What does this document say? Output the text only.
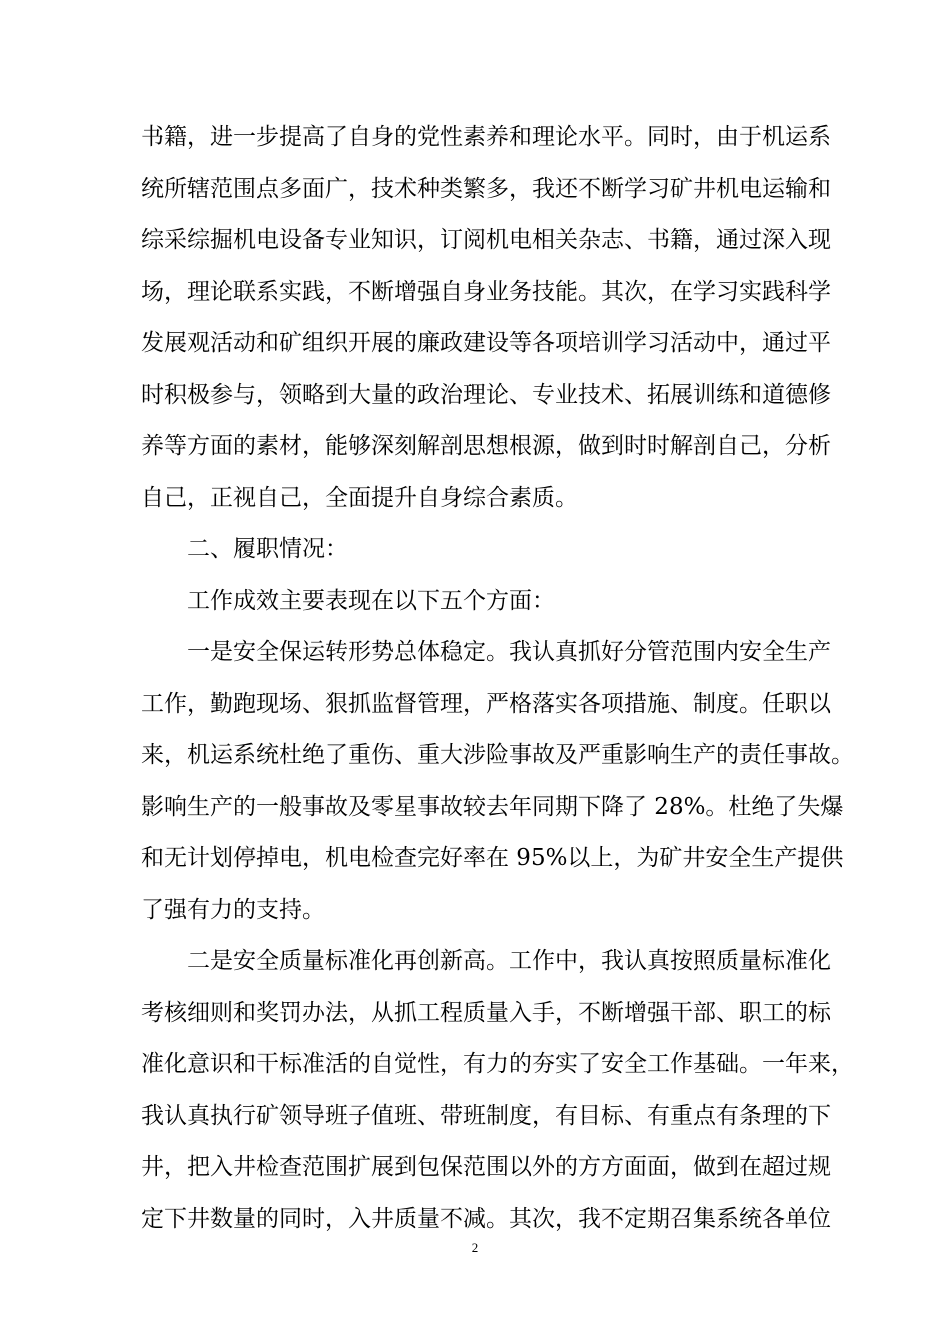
书籍，进一步提高了自身的党性素养和理论水平。同时，由于机运系
统所辖范围点多面广，技术种类繁多，我还不断学习矿井机电运输和
综采综掘机电设备专业知识，订阅机电相关杂志、书籍，通过深入现
场，理论联系实践，不断增强自身业务技能。其次，在学习实践科学
发展观活动和矿组织开展的廉政建设等各项培训学习活动中，通过平
时积极参与，领略到大量的政治理论、专业技术、拓展训练和道德修
养等方面的素材，能够深刻解剖思想根源，做到时时解剖自己，分析
自己，正视自己，全面提升自身综合素质。
二、履职情况：
工作成效主要表现在以下五个方面：
一是安全保运转形势总体稳定。我认真抓好分管范围内安全生产
工作，勤跑现场、狠抓监督管理，严格落实各项措施、制度。任职以
来，机运系统杜绝了重伤、重大涉险事故及严重影响生产的责任事故。
影响生产的一般事故及零星事故较去年同期下降了 28%。杜绝了失爆
和无计划停掉电，机电检查完好率在 95%以上，为矿井安全生产提供
了强有力的支持。
二是安全质量标准化再创新高。工作中，我认真按照质量标准化
考核细则和奖罚办法，从抓工程质量入手，不断增强干部、职工的标
准化意识和干标准活的自觉性，有力的夯实了安全工作基础。一年来，
我认真执行矿领导班子值班、带班制度，有目标、有重点有条理的下
井，把入井检查范围扩展到包保范围以外的方方面面，做到在超过规
定下井数量的同时，入井质量不减。其次，我不定期召集系统各单位
2
